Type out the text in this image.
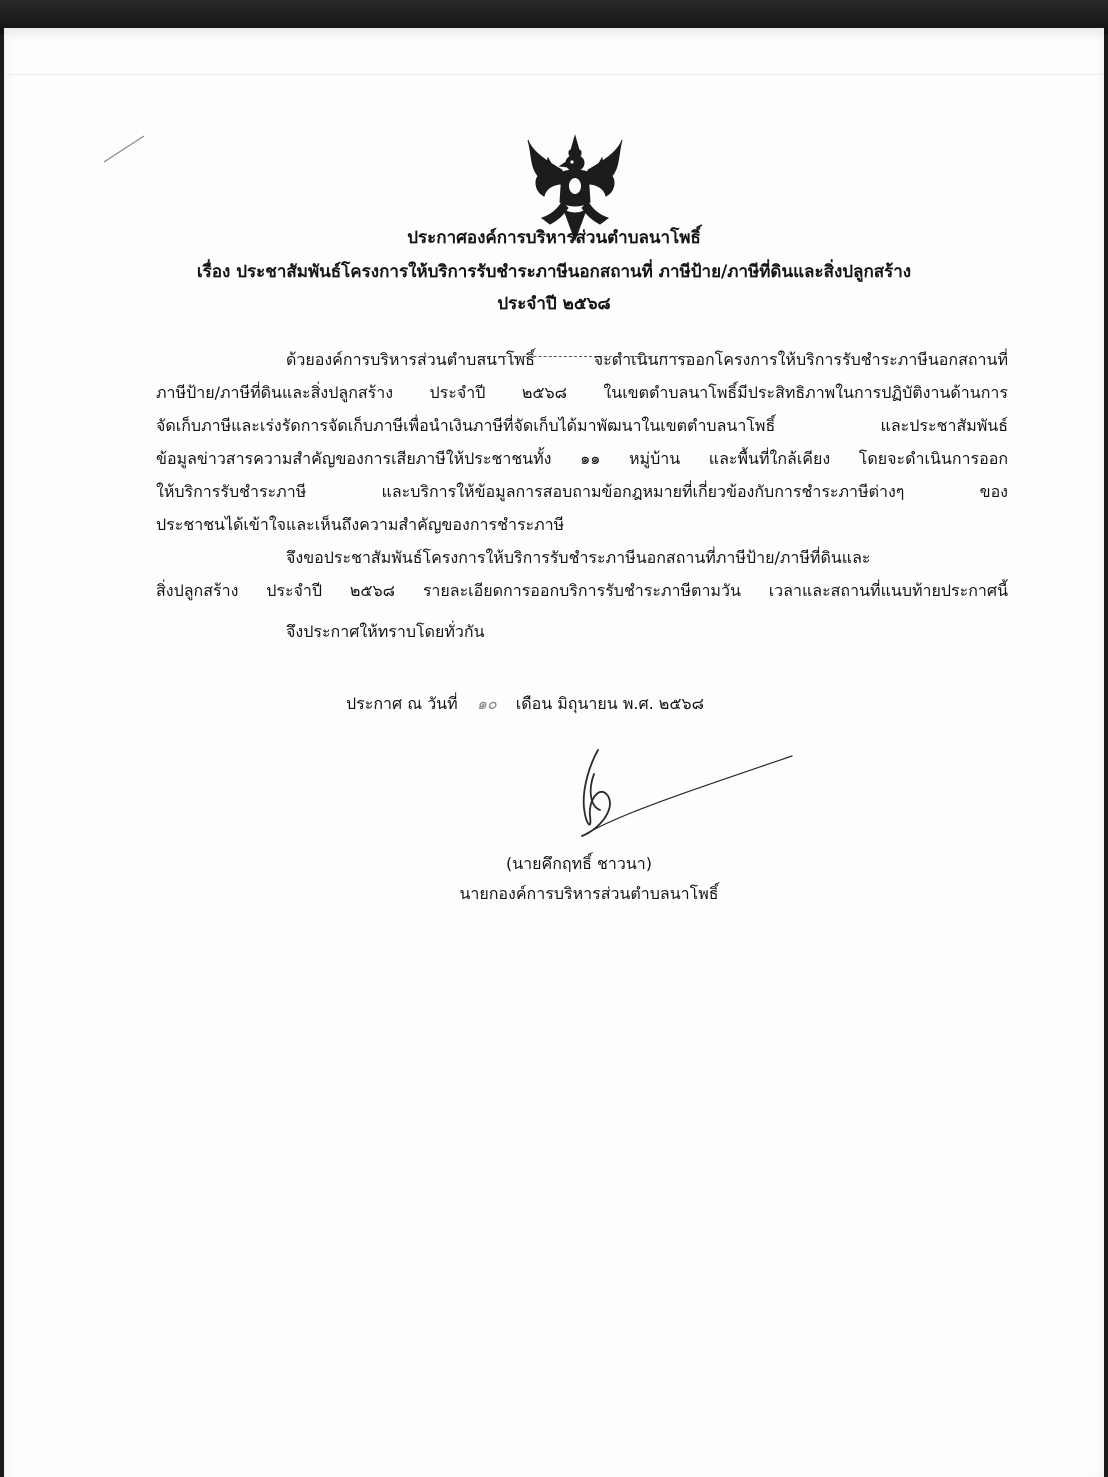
ประกาศองค์การบริหารส่วนตำบลนาโพธิ์
เรื่อง ประชาสัมพันธ์โครงการให้บริการรับชำระภาษีนอกสถานที่ ภาษีป้าย/ภาษีที่ดินและสิ่งปลูกสร้าง
ประจำปี ๒๕๖๘
ด้วยองค์การบริหารส่วนตำบลนาโพธิ์ จะดำเนินการออกโครงการให้บริการรับชำระภาษีนอกสถานที่
ภาษีป้าย/ภาษีที่ดินและสิ่งปลูกสร้าง ประจำปี ๒๕๖๘ ในเขตตำบลนาโพธิ์มีประสิทธิภาพในการปฏิบัติงานด้านการ
จัดเก็บภาษีและเร่งรัดการจัดเก็บภาษีเพื่อนำเงินภาษีที่จัดเก็บได้มาพัฒนาในเขตตำบลนาโพธิ์ และประชาสัมพันธ์
ข้อมูลข่าวสารความสำคัญของการเสียภาษีให้ประชาชนทั้ง ๑๑ หมู่บ้าน และพื้นที่ใกล้เคียง โดยจะดำเนินการออก
ให้บริการรับชำระภาษี และบริการให้ข้อมูลการสอบถามข้อกฎหมายที่เกี่ยวข้องกับการชำระภาษีต่างๆ ของ
ประชาชนได้เข้าใจและเห็นถึงความสำคัญของการชำระภาษี
จึงขอประชาสัมพันธ์โครงการให้บริการรับชำระภาษีนอกสถานที่ภาษีป้าย/ภาษีที่ดินและ
สิ่งปลูกสร้าง ประจำปี ๒๕๖๘ รายละเอียดการออกบริการรับชำระภาษีตามวัน เวลาและสถานที่แนบท้ายประกาศนี้
จึงประกาศให้ทราบโดยทั่วกัน
ประกาศ ณ วันที่ ๑๐ เดือน มิถุนายน พ.ศ. ๒๕๖๘
(นายคึกฤทธิ์ ชาวนา)
นายกองค์การบริหารส่วนตำบลนาโพธิ์
